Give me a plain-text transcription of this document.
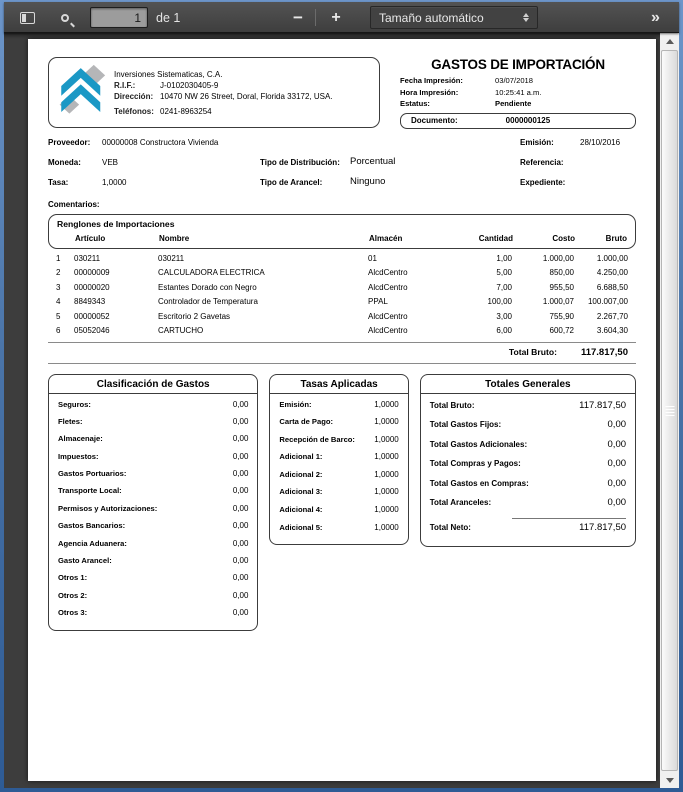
1
de 1	−	+	Tamaño automático	»
Inversiones Sistematicas, C.A.
R.I.F.:	J-0102030405-9
Dirección: 10470 NW 26 Street, Doral, Florida 33172, USA.
Teléfonos: 0241-8963254
GASTOS DE IMPORTACIÓN
Fecha Impresión:	03/07/2018
Hora Impresión:	10:25:41 a.m.
Estatus:	Pendiente
Documento:	0000000125
Proveedor: 00000008 Constructora Vivienda	Emisión:	28/10/2016
Moneda:	VEB	Tipo de Distribución: Porcentual	Referencia:
Tasa:	1,0000	Tipo de Arancel:	Ninguno	Expediente:
Comentarios:
Renglones de Importaciones
Artículo	Nombre	Almacén	Cantidad	Costo	Bruto
1	030211	030211	01	1,00	1.000,00	1.000,00
2	00000009	CALCULADORA ELECTRICA	AlcdCentro	5,00	850,00	4.250,00
3	00000020	Estantes Dorado con Negro	AlcdCentro	7,00	955,50	6.688,50
4	8849343	Controlador de Temperatura	PPAL	100,00	1.000,07	100.007,00
5	00000052	Escritorio 2 Gavetas	AlcdCentro	3,00	755,90	2.267,70
6	05052046	CARTUCHO	AlcdCentro	6,00	600,72	3.604,30
Total Bruto:	117.817,50
Clasificación de Gastos
Seguros:	0,00
Fletes:	0,00
Almacenaje:	0,00
Impuestos:	0,00
Gastos Portuarios:	0,00
Transporte Local:	0,00
Permisos y Autorizaciones:	0,00
Gastos Bancarios:	0,00
Agencia Aduanera:	0,00
Gasto Arancel:	0,00
Otros 1:	0,00
Otros 2:	0,00
Otros 3:	0,00
Tasas Aplicadas
Emisión:	1,0000
Carta de Pago:	1,0000
Recepción de Barco: 1,0000
Adicional 1:	1,0000
Adicional 2:	1,0000
Adicional 3:	1,0000
Adicional 4:	1,0000
Adicional 5:	1,0000
Totales Generales
Total Bruto:	117.817,50
Total Gastos Fijos:	0,00
Total Gastos Adicionales:	0,00
Total Compras y Pagos:	0,00
Total Gastos en Compras:	0,00
Total Aranceles:	0,00
Total Neto:	117.817,50
